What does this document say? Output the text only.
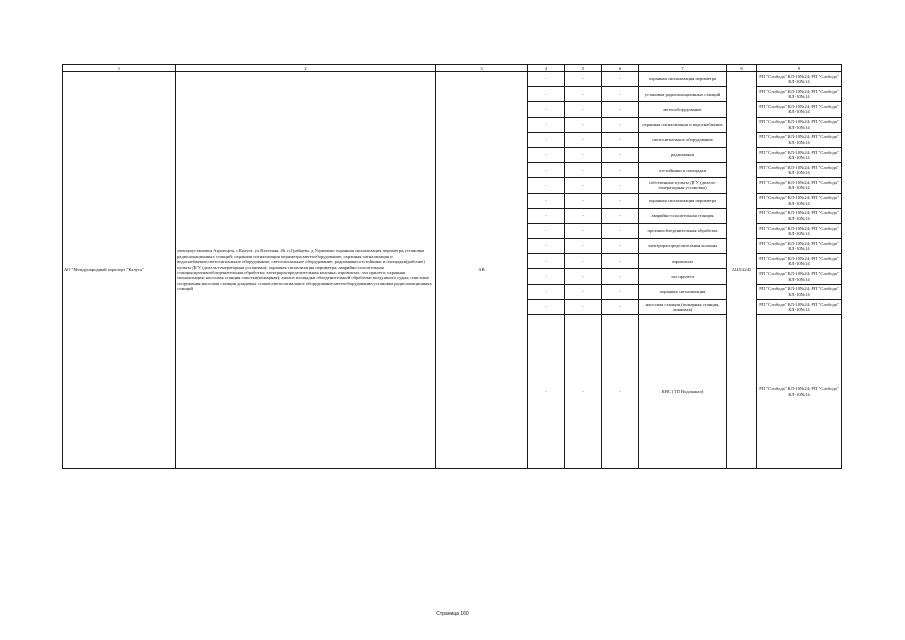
1	2	3	4	5	6	7	8	9
АО "Международный аэропорт "Калуга"	электроустановки Аэропорта, г.Калуга, ул.Взлетная, 46, п.Грабцево, д.Угрюмово охранная сигнализация периметра;установка радиолокационных станций; охранная сигнализация периметра;метеооборудование; охранная сигнализация и водоснабжение;светосигнальное оборудование; светосигнальное оборудование; радиомаяки;отстойники и площадки(рабочие) пульты ДГУ (дизель-генераторная установка); охранная сигнализация периметра; аварийно-спасательная станция;противообледенительная обработка; электрораспределительная колонна; аэровокзал; зал прилета; охранная сигнализация; насосная станция очистки(пожарная); анализ площадки обледенительной обработки воздушного судна; очистные сооружения;насосная станция дождевых стоков;светосигнальное оборудование;метеооборудование;установка радиолокационных станций	АВ	-	-	-	охранная сигнализация периметра	2245/2245	РП "Слобода" КЛ-10№24; РП "Слобода" КЛ-10№14
			-	-	-	установка радиолокационных станций		РП "Слобода" КЛ-10№24; РП "Слобода" КЛ-10№14
			-	-	-	метеооборудование		РП "Слобода" КЛ-10№24; РП "Слобода" КЛ-10№14
			-	-	-	охранная сигнализация и водоснабжение		РП "Слобода" КЛ-10№24; РП "Слобода" КЛ-10№14
			-	-	-	светосигнальное оборудование		РП "Слобода" КЛ-10№24; РП "Слобода" КЛ-10№14
			-	-	-	радиомаяки		РП "Слобода" КЛ-10№24; РП "Слобода" КЛ-10№14
			-	-	-	отстойники и площадки		РП "Слобода" КЛ-10№24; РП "Слобода" КЛ-10№14
			-	-	-	собственные пульты ДГУ (дизель-генераторная установка)		РП "Слобода" КЛ-10№24; РП "Слобода" КЛ-10№14
			-	-	-	охранная сигнализация периметра		РП "Слобода" КЛ-10№24; РП "Слобода" КЛ-10№14
			-	-	-	аварийно-спасательная станция		РП "Слобода" КЛ-10№24; РП "Слобода" КЛ-10№14
			-	-	-	противообледенительная обработка		РП "Слобода" КЛ-10№24; РП "Слобода" КЛ-10№14
			-	-	-	электрораспределительная колонна		РП "Слобода" КЛ-10№24; РП "Слобода" КЛ-10№14
			-	-	-	аэровокзал		РП "Слобода" КЛ-10№24; РП "Слобода" КЛ-10№14
			-	-	-	зал прилета		РП "Слобода" КЛ-10№24; РП "Слобода" КЛ-10№14
			-	-	-	охранная сигнализация		РП "Слобода" КЛ-10№24; РП "Слобода" КЛ-10№14
			-	-	-	насосная станция (пожарная станция, ливневая)		РП "Слобода" КЛ-10№24; РП "Слобода" КЛ-10№14
			-	-	-	КНС (ТП Водоканал)		РП "Слобода" КЛ-10№24; РП "Слобода" КЛ-10№14
Страница 160
